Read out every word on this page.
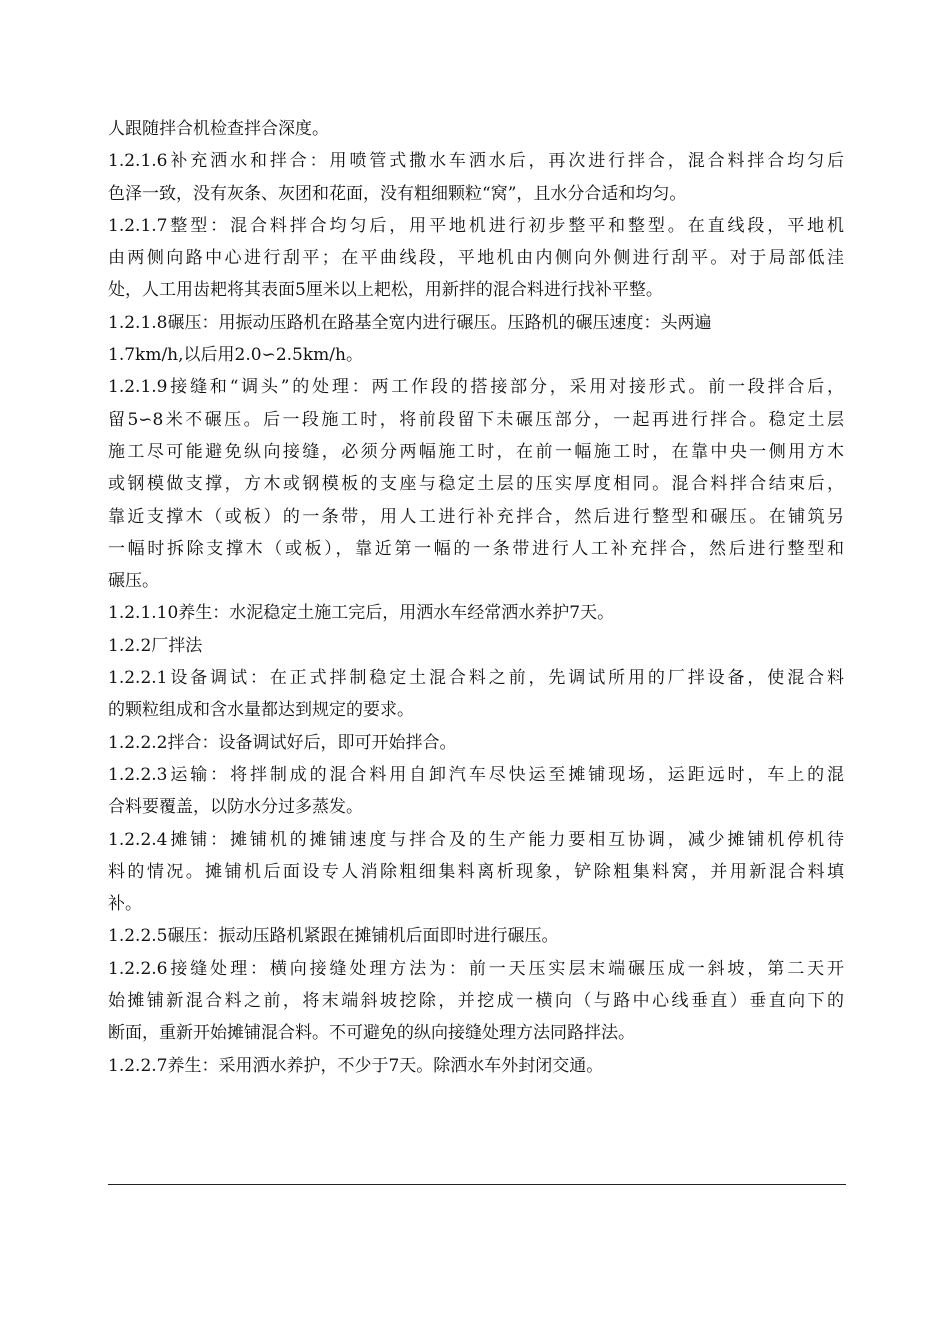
人跟随拌合机检查拌合深度。
1.2.1.6补充洒水和拌合：用喷管式撒水车洒水后，再次进行拌合，混合料拌合均匀后
色泽一致，没有灰条、灰团和花面，没有粗细颗粒“窝”，且水分合适和均匀。
1.2.1.7整型：混合料拌合均匀后，用平地机进行初步整平和整型。在直线段，平地机
由两侧向路中心进行刮平；在平曲线段，平地机由内侧向外侧进行刮平。对于局部低洼
处，人工用齿耙将其表面5厘米以上耙松，用新拌的混合料进行找补平整。
1.2.1.8碾压：用振动压路机在路基全宽内进行碾压。压路机的碾压速度：头两遍
1.7km/h,以后用2.0∽2.5km/h。
1.2.1.9接缝和“调头”的处理：两工作段的搭接部分，采用对接形式。前一段拌合后，
留5∽8米不碾压。后一段施工时，将前段留下未碾压部分，一起再进行拌合。稳定土层
施工尽可能避免纵向接缝，必须分两幅施工时，在前一幅施工时，在靠中央一侧用方木
或钢模做支撑，方木或钢模板的支座与稳定土层的压实厚度相同。混合料拌合结束后，
靠近支撑木（或板）的一条带，用人工进行补充拌合，然后进行整型和碾压。在铺筑另
一幅时拆除支撑木（或板），靠近第一幅的一条带进行人工补充拌合，然后进行整型和
碾压。
1.2.1.10养生：水泥稳定土施工完后，用洒水车经常洒水养护7天。
1.2.2厂拌法
1.2.2.1设备调试：在正式拌制稳定土混合料之前，先调试所用的厂拌设备，使混合料
的颗粒组成和含水量都达到规定的要求。
1.2.2.2拌合：设备调试好后，即可开始拌合。
1.2.2.3运输：将拌制成的混合料用自卸汽车尽快运至摊铺现场，运距远时，车上的混
合料要覆盖，以防水分过多蒸发。
1.2.2.4摊铺：摊铺机的摊铺速度与拌合及的生产能力要相互协调，减少摊铺机停机待
料的情况。摊铺机后面设专人消除粗细集料离析现象，铲除粗集料窝，并用新混合料填
补。
1.2.2.5碾压：振动压路机紧跟在摊铺机后面即时进行碾压。
1.2.2.6接缝处理：横向接缝处理方法为：前一天压实层末端碾压成一斜坡，第二天开
始摊铺新混合料之前，将末端斜坡挖除，并挖成一横向（与路中心线垂直）垂直向下的
断面，重新开始摊铺混合料。不可避免的纵向接缝处理方法同路拌法。
1.2.2.7养生：采用洒水养护，不少于7天。除洒水车外封闭交通。
